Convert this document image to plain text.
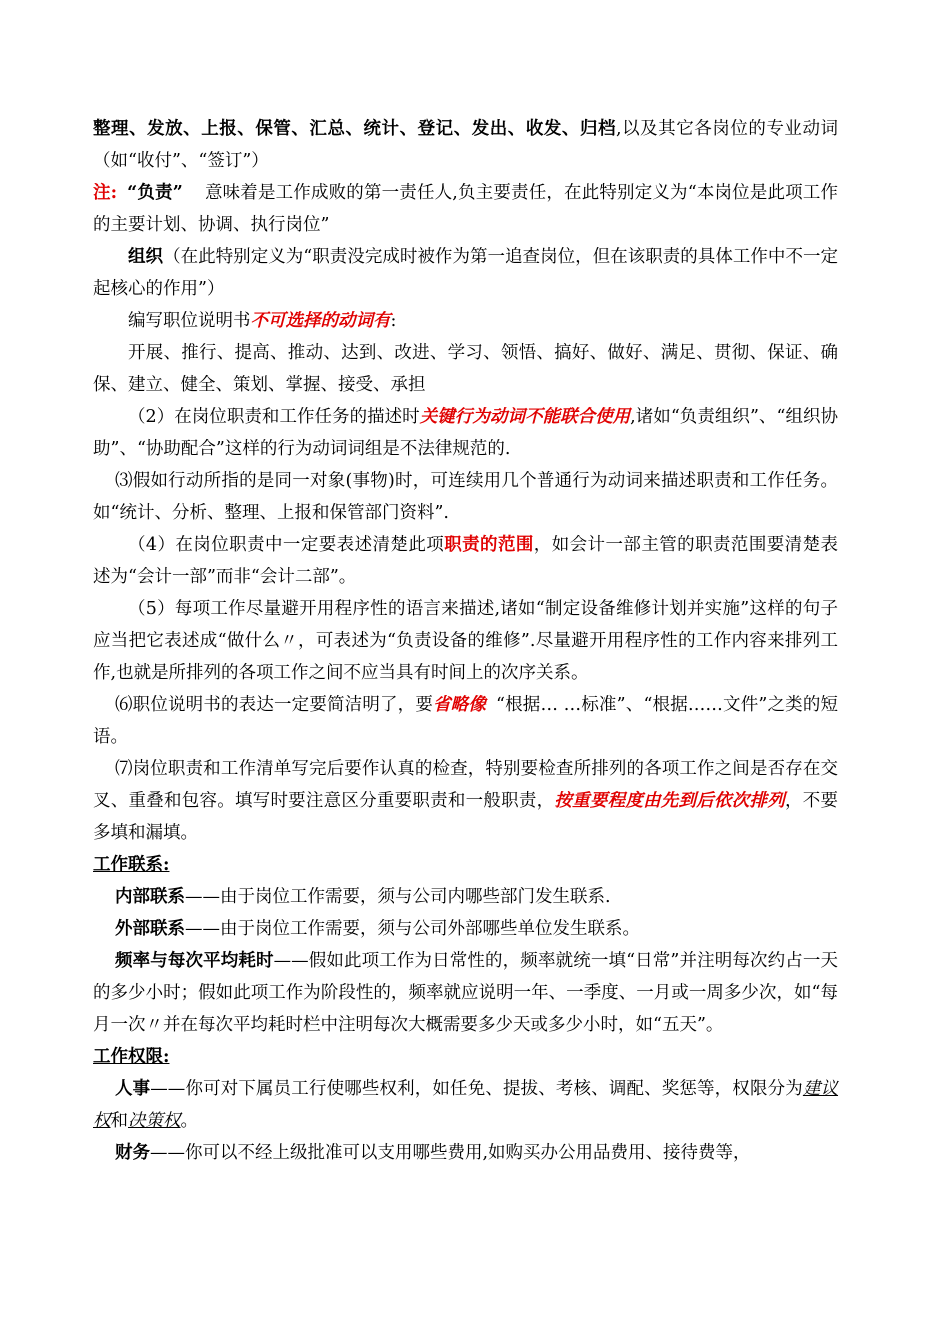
整理、发放、上报、保管、汇总、统计、登记、发出、收发、归档,以及其它各岗位的专业动词（如“收付”、“签订”）

注: “负责” 意味着是工作成败的第一责任人,负主要责任，在此特别定义为“本岗位是此项工作的主要计划、协调、执行岗位”

组织（在此特别定义为“职责没完成时被作为第一追查岗位，但在该职责的具体工作中不一定起核心的作用”）

编写职位说明书不可选择的动词有:

开展、推行、提高、推动、达到、改进、学习、领悟、搞好、做好、满足、贯彻、保证、确保、建立、健全、策划、掌握、接受、承担

（2）在岗位职责和工作任务的描述时关键行为动词不能联合使用,诸如“负责组织”、“组织协助”、“协助配合”这样的行为动词词组是不法律规范的.

⑶假如行动所指的是同一对象(事物)时，可连续用几个普通行为动词来描述职责和工作任务。如“统计、分析、整理、上报和保管部门资料”.

（4）在岗位职责中一定要表述清楚此项职责的范围，如会计一部主管的职责范围要清楚表述为“会计一部”而非“会计二部”。

（5）每项工作尽量避开用程序性的语言来描述,诸如“制定设备维修计划并实施”这样的句子应当把它表述成“做什么〃，可表述为“负责设备的维修”.尽量避开用程序性的工作内容来排列工作,也就是所排列的各项工作之间不应当具有时间上的次序关系。

⑹职位说明书的表达一定要简洁明了，要省略像 “根据… …标准”、“根据……文件”之类的短语。

⑺岗位职责和工作清单写完后要作认真的检查，特别要检查所排列的各项工作之间是否存在交叉、重叠和包容。填写时要注意区分重要职责和一般职责，按重要程度由先到后依次排列，不要多填和漏填。

工作联系:

内部联系——由于岗位工作需要，须与公司内哪些部门发生联系.

外部联系——由于岗位工作需要，须与公司外部哪些单位发生联系。

频率与每次平均耗时——假如此项工作为日常性的，频率就统一填“日常”并注明每次约占一天的多少小时；假如此项工作为阶段性的，频率就应说明一年、一季度、一月或一周多少次，如“每月一次〃并在每次平均耗时栏中注明每次大概需要多少天或多少小时，如“五天”。

工作权限:

人事——你可对下属员工行使哪些权利，如任免、提拔、考核、调配、奖惩等，权限分为建议权和决策权。

财务——你可以不经上级批准可以支用哪些费用,如购买办公用品费用、接待费等，
